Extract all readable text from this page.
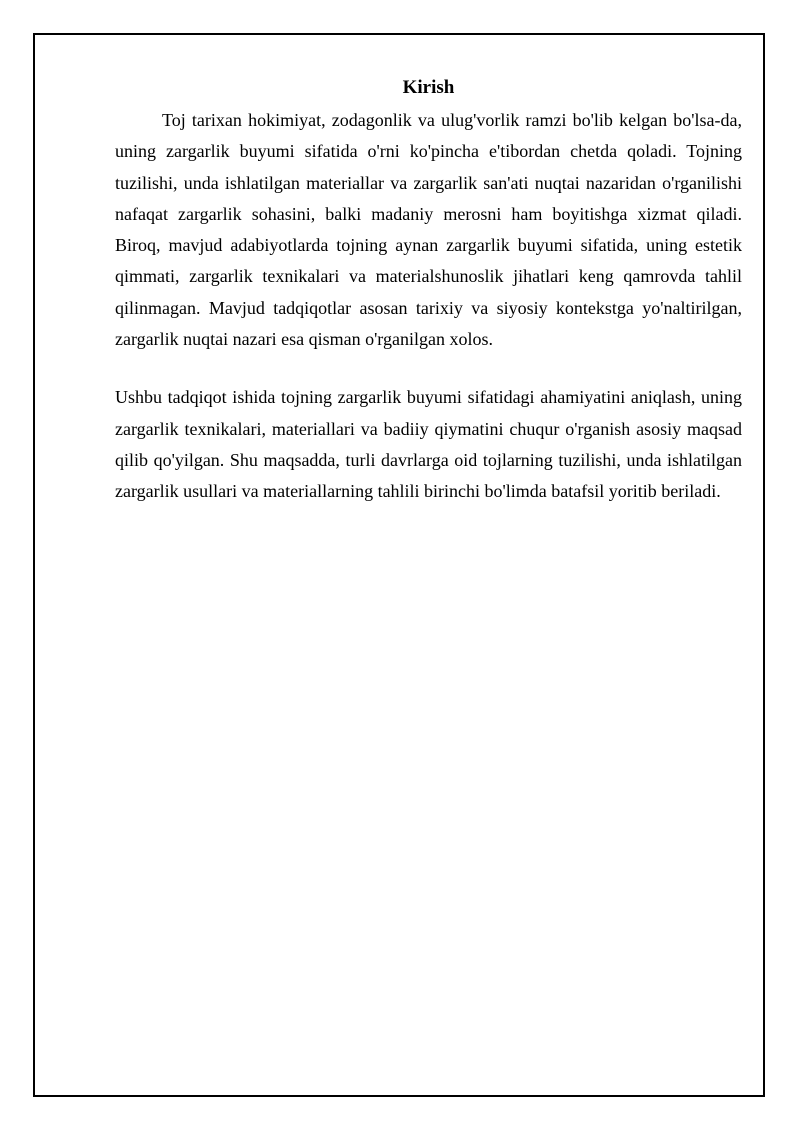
Kirish

Toj tarixan hokimiyat, zodagonlik va ulug'vorlik ramzi bo'lib kelgan bo'lsa-da, uning zargarlik buyumi sifatida o'rni ko'pincha e'tibordan chetda qoladi. Tojning tuzilishi, unda ishlatilgan materiallar va zargarlik san'ati nuqtai nazaridan o'rganilishi nafaqat zargarlik sohasini, balki madaniy merosni ham boyitishga xizmat qiladi. Biroq, mavjud adabiyotlarda tojning aynan zargarlik buyumi sifatida, uning estetik qimmati, zargarlik texnikalari va materialshunoslik jihatlari keng qamrovda tahlil qilinmagan. Mavjud tadqiqotlar asosan tarixiy va siyosiy kontekstga yo'naltirilgan, zargarlik nuqtai nazari esa qisman o'rganilgan xolos.

Ushbu tadqiqot ishida tojning zargarlik buyumi sifatidagi ahamiyatini aniqlash, uning zargarlik texnikalari, materiallari va badiiy qiymatini chuqur o'rganish asosiy maqsad qilib qo'yilgan. Shu maqsadda, turli davrlarga oid tojlarning tuzilishi, unda ishlatilgan zargarlik usullari va materiallarning tahlili birinchi bo'limda batafsil yoritib beriladi.
